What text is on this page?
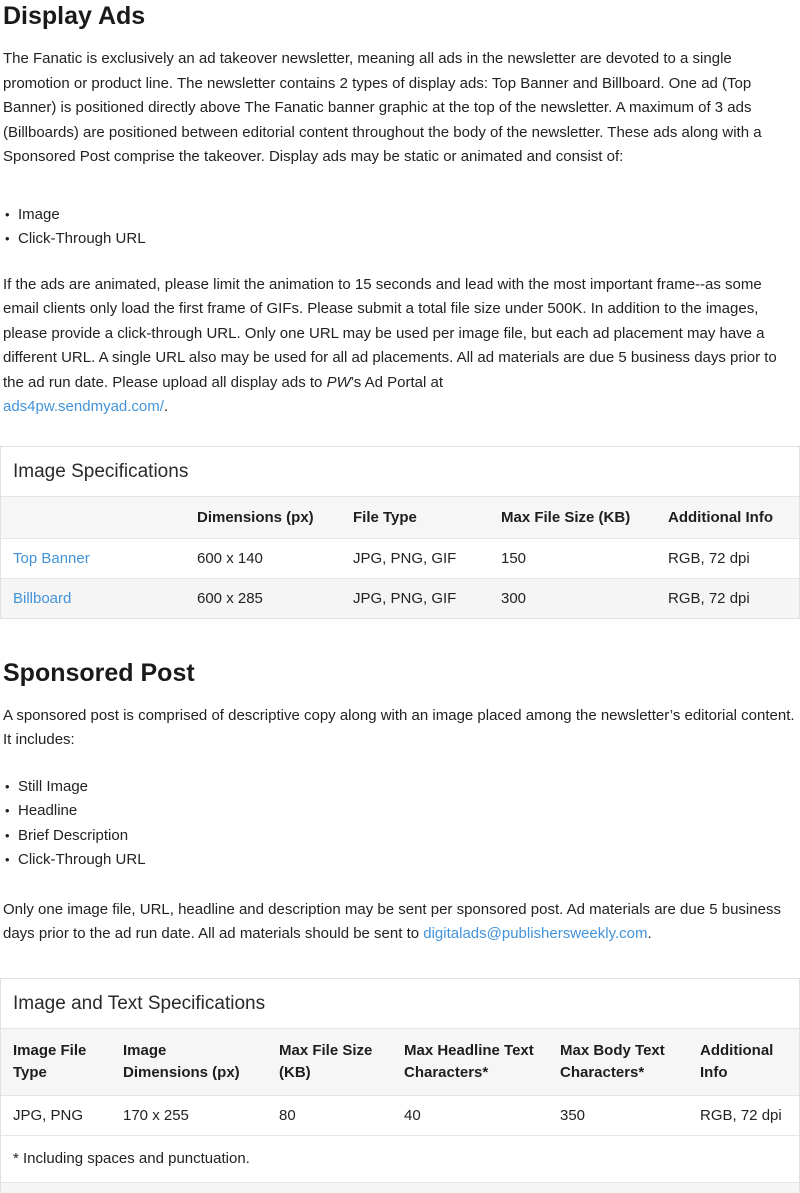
Display Ads

The Fanatic is exclusively an ad takeover newsletter, meaning all ads in the newsletter are devoted to a single promotion or product line. The newsletter contains 2 types of display ads: Top Banner and Billboard. One ad (Top Banner) is positioned directly above The Fanatic banner graphic at the top of the newsletter. A maximum of 3 ads (Billboards) are positioned between editorial content throughout the body of the newsletter. These ads along with a Sponsored Post comprise the takeover. Display ads may be static or animated and consist of:

• Image
• Click-Through URL

If the ads are animated, please limit the animation to 15 seconds and lead with the most important frame--as some email clients only load the first frame of GIFs. Please submit a total file size under 500K. In addition to the images, please provide a click-through URL. Only one URL may be used per image file, but each ad placement may have a different URL. A single URL also may be used for all ad placements. All ad materials are due 5 business days prior to the ad run date. Please upload all display ads to PW’s Ad Portal at
ads4pw.sendmyad.com/.

Image Specifications
	Dimensions (px)	File Type	Max File Size (KB)	Additional Info
Top Banner	600 x 140	JPG, PNG, GIF	150	RGB, 72 dpi
Billboard	600 x 285	JPG, PNG, GIF	300	RGB, 72 dpi
Sponsored Post

A sponsored post is comprised of descriptive copy along with an image placed among the newsletter’s editorial content. It includes:

• Still Image
• Headline
• Brief Description
• Click-Through URL

Only one image file, URL, headline and description may be sent per sponsored post. Ad materials are due 5 business days prior to the ad run date. All ad materials should be sent to digitalads@publishersweekly.com.

Image and Text Specifications
Image File Type	Image Dimensions (px)	Max File Size (KB)	Max Headline Text Characters*	Max Body Text Characters*	Additional Info
JPG, PNG	170 x 255	80	40	350	RGB, 72 dpi
* Including spaces and punctuation.
